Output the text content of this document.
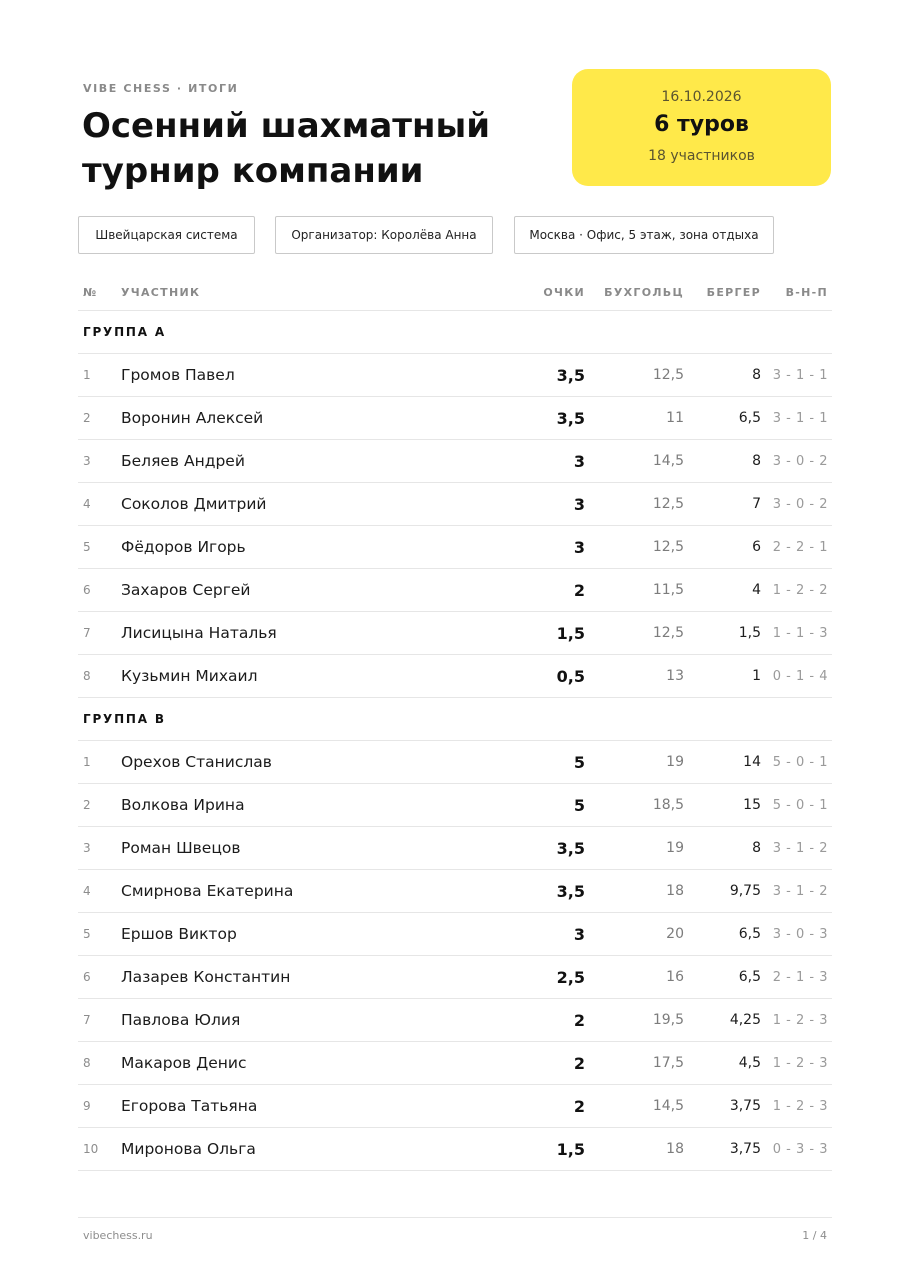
VIBE CHESS · ИТОГИ
Осенний шахматный турнир компании
16.10.2026
6 туров
18 участников
Швейцарская система	Организатор: Королёва Анна	Москва · Офис, 5 этаж, зона отдыха
№	УЧАСТНИК	ОЧКИ	БУХГОЛЬЦ	БЕРГЕР	В-Н-П
ГРУППА A
1	Громов Павел	3,5	12,5	8 3 - 1 - 1
2	Воронин Алексей	3,5	11	6,5 3 - 1 - 1
3	Беляев Андрей	3	14,5	8 3 - 0 - 2
4	Соколов Дмитрий	3	12,5	7 3 - 0 - 2
5	Фёдоров Игорь	3	12,5	6 2 - 2 - 1
6	Захаров Сергей	2	11,5	4 1 - 2 - 2
7	Лисицына Наталья	1,5	12,5	1,5 1 - 1 - 3
8	Кузьмин Михаил	0,5	13	1 0 - 1 - 4
ГРУППА B
1	Орехов Станислав	5	19	14 5 - 0 - 1
2	Волкова Ирина	5	18,5	15 5 - 0 - 1
3	Роман Швецов	3,5	19	8 3 - 1 - 2
4	Смирнова Екатерина	3,5	18	9,75 3 - 1 - 2
5	Ершов Виктор	3	20	6,5 3 - 0 - 3
6	Лазарев Константин	2,5	16	6,5 2 - 1 - 3
7	Павлова Юлия	2	19,5	4,25 1 - 2 - 3
8	Макаров Денис	2	17,5	4,5 1 - 2 - 3
9	Егорова Татьяна	2	14,5	3,75 1 - 2 - 3
10	Миронова Ольга	1,5	18	3,75 0 - 3 - 3
vibechess.ru	1 / 4
